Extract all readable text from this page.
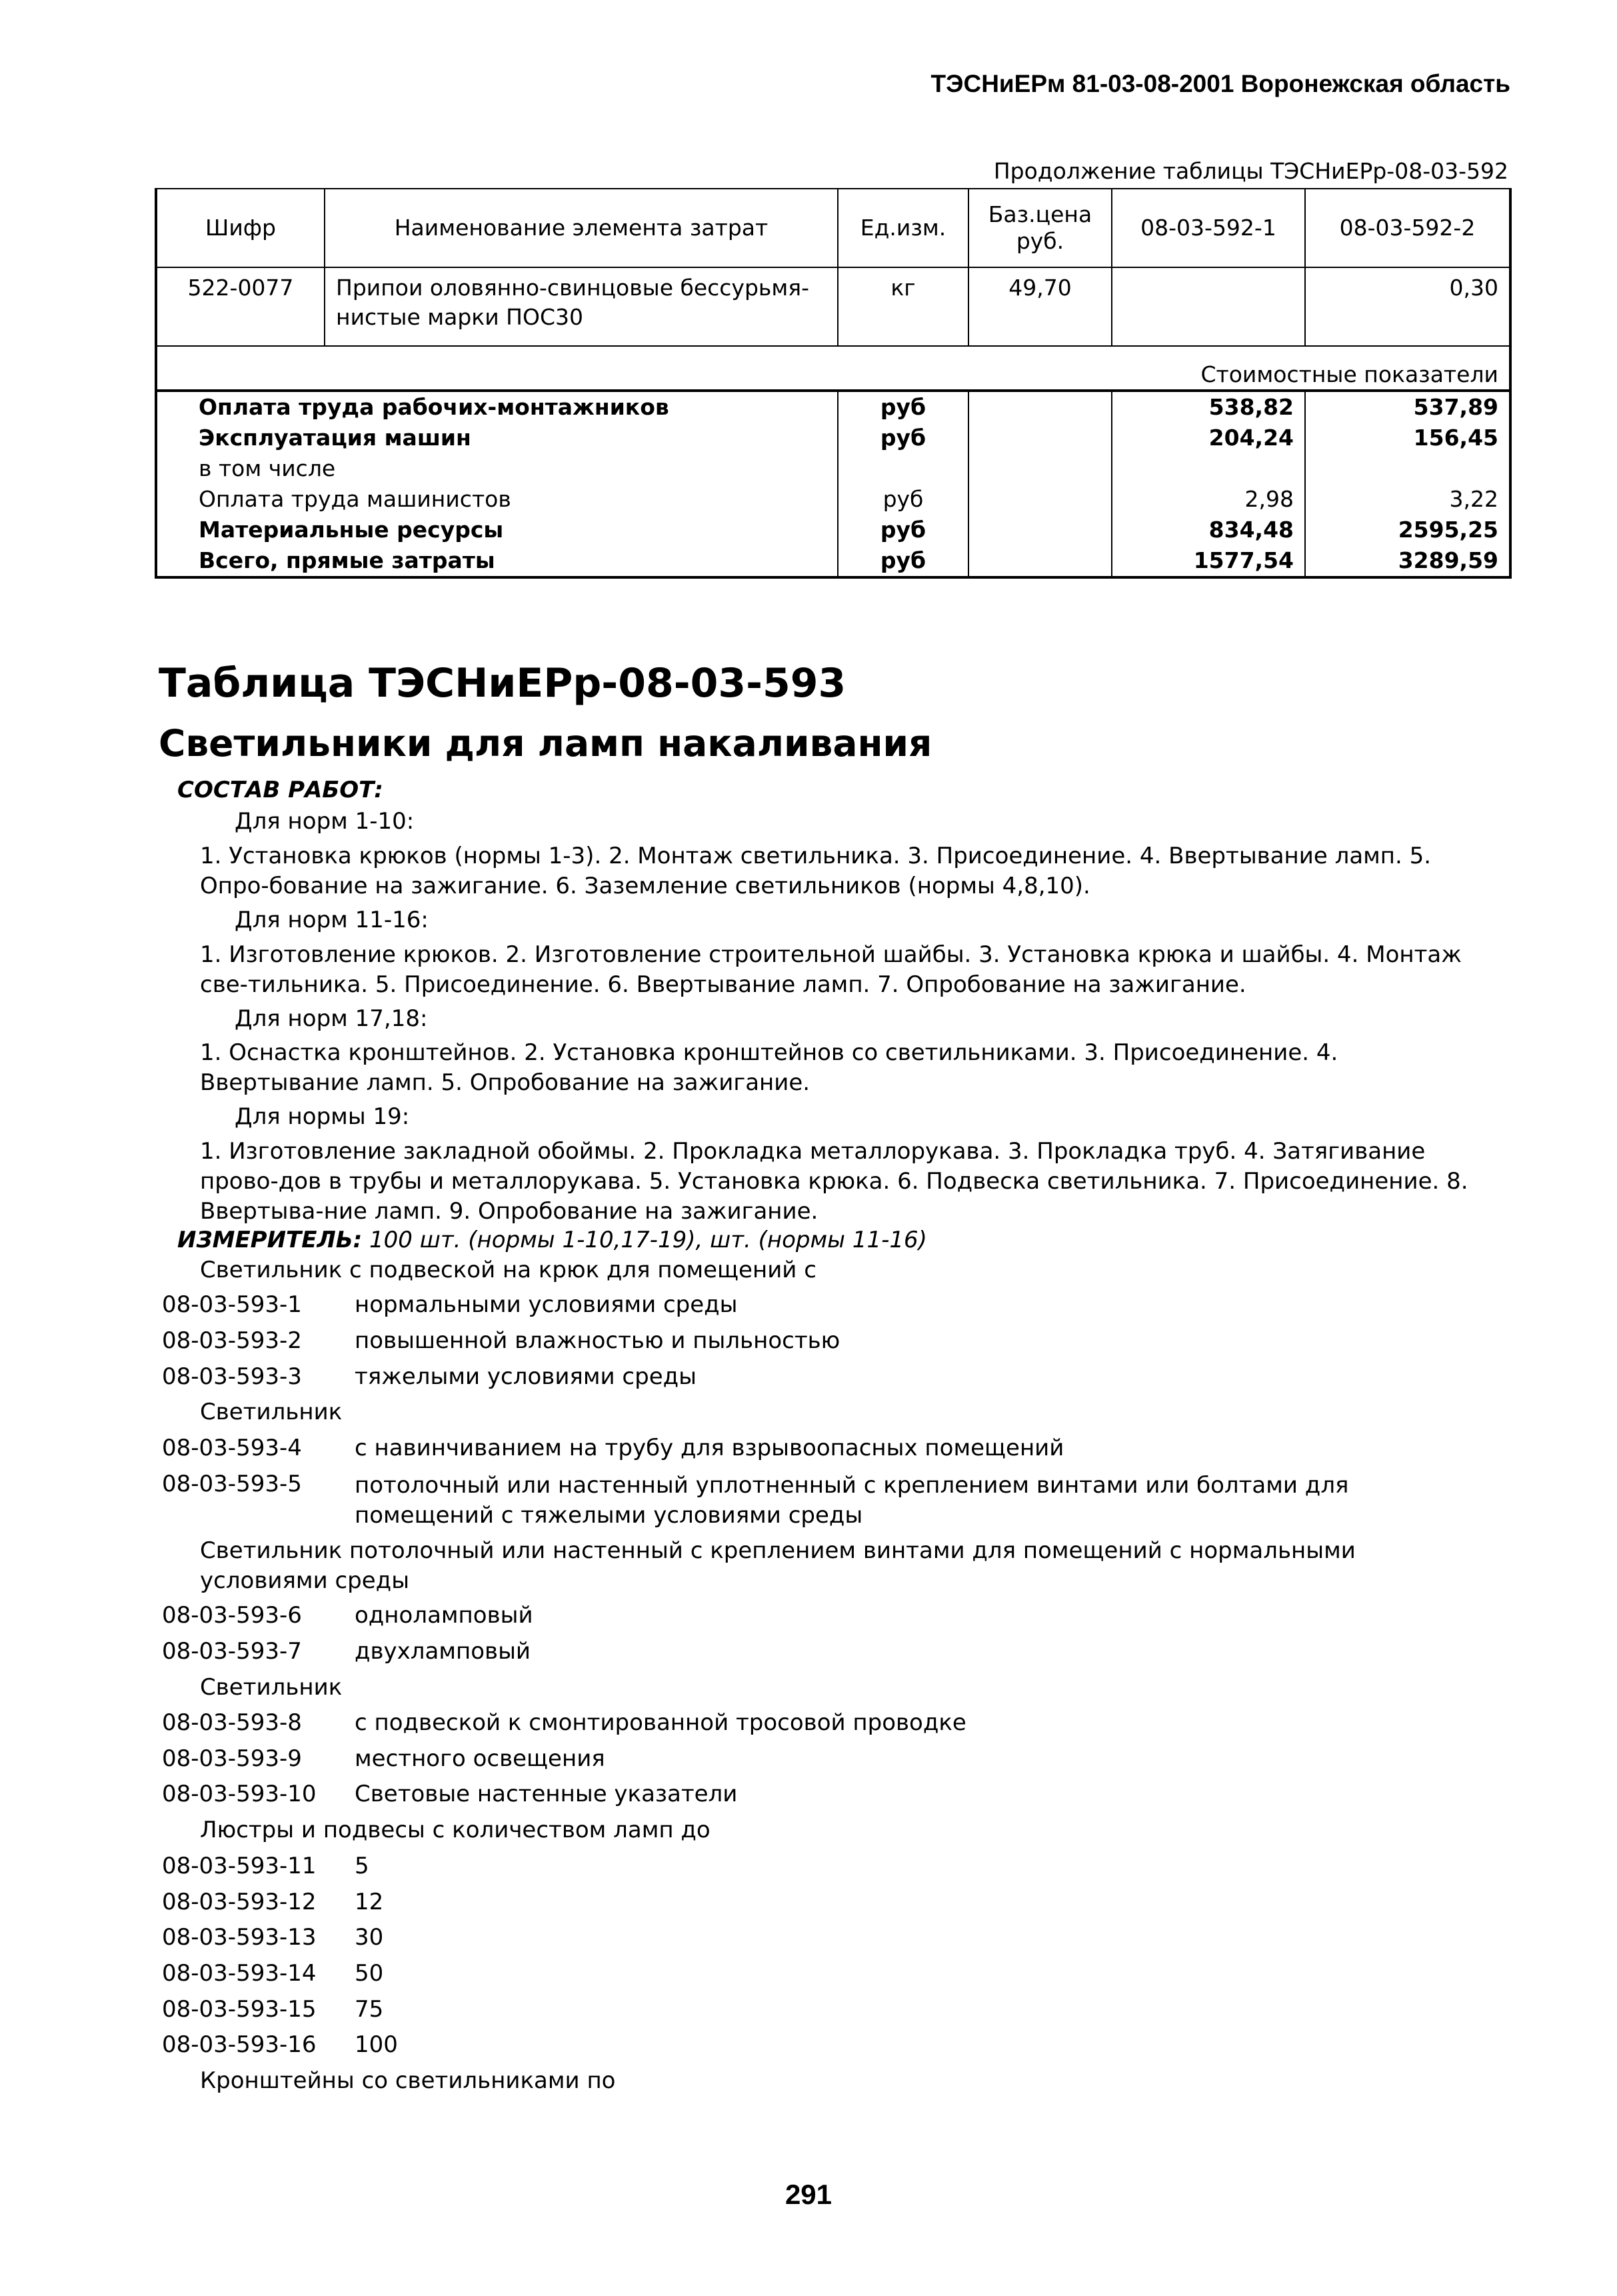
ТЭСНиЕРм 81-03-08-2001 Воронежская область
Продолжение таблицы ТЭСНиЕРр-08-03-592
Шифр	Наименование элемента затрат	Ед.изм.	Баз.цена руб.	08-03-592-1	08-03-592-2
522-0077	Припои оловянно-свинцовые бессурьмя-нистые марки ПОС30	кг	49,70		0,30
Стоимостные показатели					
Оплата труда рабочих-монтажников		руб		538,82	537,89
Эксплуатация машин		руб		204,24	156,45
в том числе					
Оплата труда машинистов		руб		2,98	3,22
Материальные ресурсы		руб		834,48	2595,25
Всего, прямые затраты		руб		1577,54	3289,59
Таблица ТЭСНиЕРр-08-03-593
Светильники для ламп накаливания
СОСТАВ РАБОТ:
Для норм 1-10:
1. Установка крюков (нормы 1-3). 2. Монтаж светильника. 3. Присоединение. 4. Ввертывание ламп. 5. Опро-бование на зажигание. 6. Заземление светильников (нормы 4,8,10).
Для норм 11-16:
1. Изготовление крюков. 2. Изготовление строительной шайбы. 3. Установка крюка и шайбы. 4. Монтаж све-тильника. 5. Присоединение. 6. Ввертывание ламп. 7. Опробование на зажигание.
Для норм 17,18:
1. Оснастка кронштейнов. 2. Установка кронштейнов со светильниками. 3. Присоединение. 4. Ввертывание ламп. 5. Опробование на зажигание.
Для нормы 19:
1. Изготовление закладной обоймы. 2. Прокладка металлорукава. 3. Прокладка труб. 4. Затягивание прово-дов в трубы и металлорукава. 5. Установка крюка. 6. Подвеска светильника. 7. Присоединение. 8. Ввертыва-ние ламп. 9. Опробование на зажигание.
ИЗМЕРИТЕЛЬ: 100 шт. (нормы 1-10,17-19), шт. (нормы 11-16)
Светильник с подвеской на крюк для помещений с
08-03-593-1 нормальными условиями среды
08-03-593-2 повышенной влажностью и пыльностью
08-03-593-3 тяжелыми условиями среды
Светильник
08-03-593-4 с навинчиванием на трубу для взрывоопасных помещений
08-03-593-5 потолочный или настенный уплотненный с креплением винтами или болтами для помещений с тяжелыми условиями среды
Светильник потолочный или настенный с креплением винтами для помещений с нормальными условиями среды
08-03-593-6 одноламповый
08-03-593-7 двухламповый
Светильник
08-03-593-8 с подвеской к смонтированной тросовой проводке
08-03-593-9 местного освещения
08-03-593-10 Световые настенные указатели
Люстры и подвесы с количеством ламп до
08-03-593-11 5
08-03-593-12 12
08-03-593-13 30
08-03-593-14 50
08-03-593-15 75
08-03-593-16 100
Кронштейны со светильниками по
291
